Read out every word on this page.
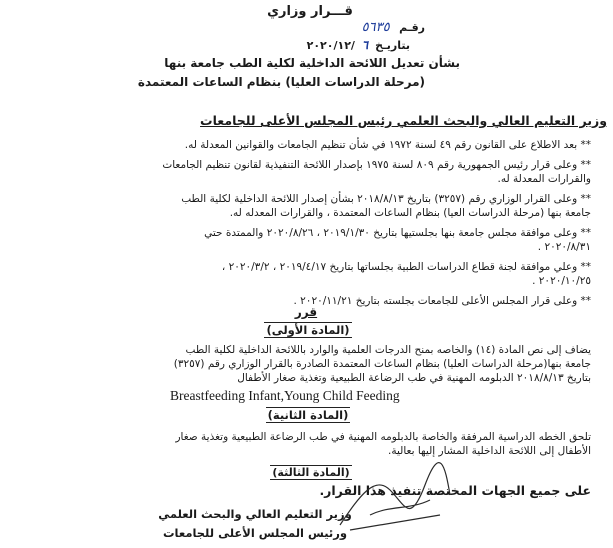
قـــرار وزاري
رقـم ٥٦٣٥
بتاريـخ ٦ /٢٠٢٠/١٢
بشأن تعديل اللائحة الداخلية لكلية الطب جامعة بنها
(مرحلة الدراسات العليا) بنظام الساعات المعتمدة
وزير التعليم العالي والبحث العلمي رئيس المجلس الأعلى للجامعات
** بعد الاطلاع على القانون رقم ٤٩ لسنة ١٩٧٢ في شأن تنظيم الجامعات والقوانين المعدلة له.
** وعلى قرار رئيس الجمهورية رقم ٨٠٩ لسنة ١٩٧٥ بإصدار اللائحة التنفيذية لقانون تنظيم الجامعات
والقرارات المعدلة له.
** وعلى القرار الوزاري رقم (٣٢٥٧) بتاريخ ٢٠١٨/٨/١٣ بشأن إصدار اللائحة الداخلية لكلية الطب
جامعة بنها (مرحلة الدراسات العيا) بنظام الساعات المعتمدة ، والقرارات المعدله له.
** وعلى موافقة مجلس جامعة بنها بجلستيها بتاريخ ٢٠١٩/١/٣٠ ، ٢٠٢٠/٨/٢٦ والممتدة حتي
٢٠٢٠/٨/٣١ .
** وعلي موافقة لجنة قطاع الدراسات الطبية بجلساتها بتاريخ ٢٠١٩/٤/١٧ ، ٢٠٢٠/٣/٢ ،
٢٠٢٠/١٠/٢٥ .
** وعلى قرار المجلس الأعلى للجامعات بجلسته بتاريخ ٢٠٢٠/١١/٢١ .
قرر
(المادة الأولى)
يضاف إلى نص المادة (١٤) والخاصه بمنح الدرجات العلمية والوارد باللائحة الداخلية لكلية الطب
جامعة بنها(مرحلة الدراسات العليا) بنظام الساعات المعتمدة الصادرة بالقرار الوزاري رقم (٣٢٥٧)
بتاريخ ٢٠١٨/٨/١٣ الدبلومه المهنية في طب الرضاعة الطبيعية وتغذية صغار الأطفال
Breastfeeding Infant,Young Child Feeding
(المادة الثانية)
تلحق الخطه الدراسية المرفقة والخاصة بالدبلومه المهنية في طب الرضاعة الطبيعية وتغذية صغار
الأطفال إلى اللائحة الداخلية المشار إليها بعالية.
(المادة الثالثة)
على جميع الجهات المختصة تنفيذ هذا القرار.
وزير التعليم العالي والبحث العلمي
ورئيس المجلس الأعلى للجامعات
